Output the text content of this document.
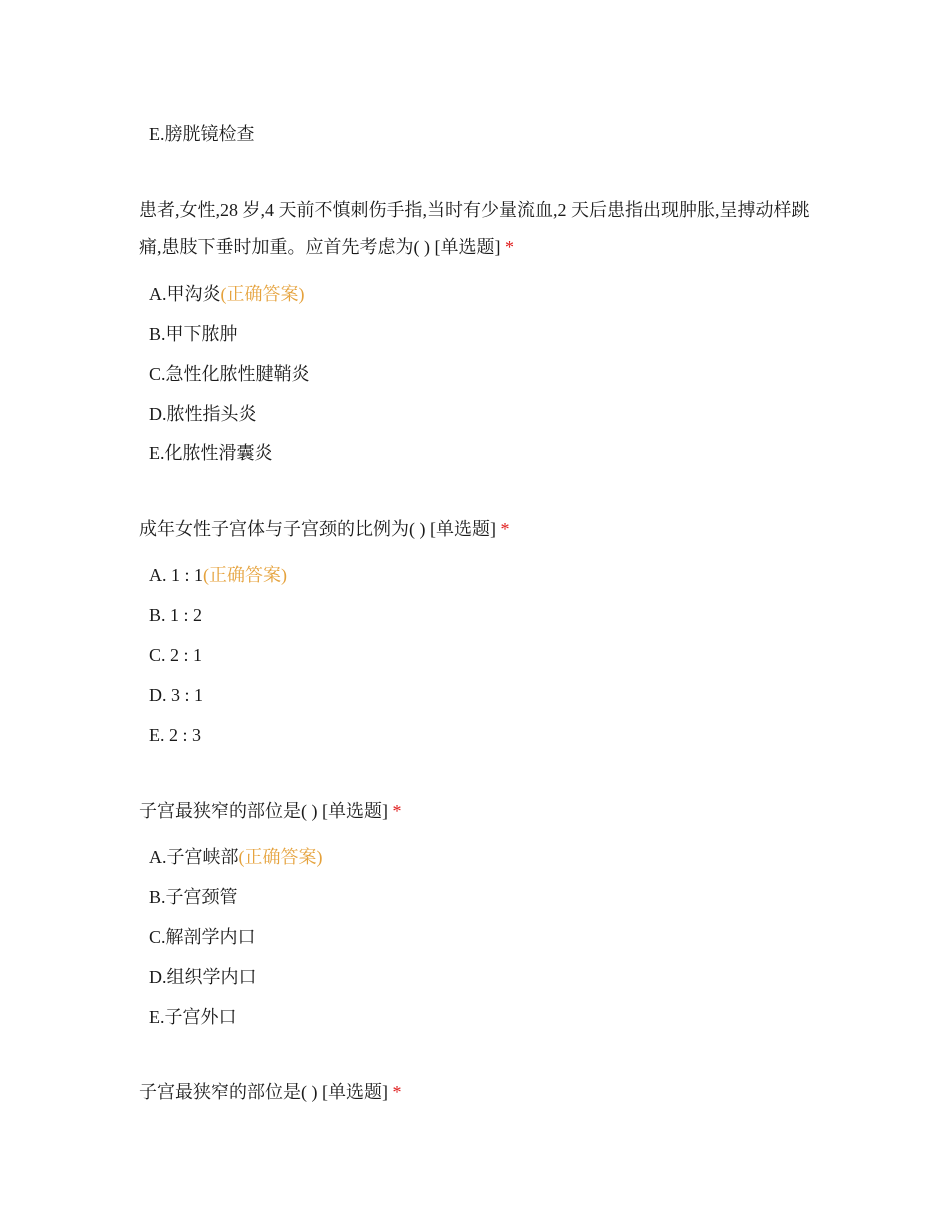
E.膀胱镜检查
患者,女性,28 岁,4 天前不慎刺伤手指,当时有少量流血,2 天后患指出现肿胀,呈搏动样跳痛,患肢下垂时加重。应首先考虑为( ) [单选题] *
A.甲沟炎(正确答案)
B.甲下脓肿
C.急性化脓性腱鞘炎
D.脓性指头炎
E.化脓性滑囊炎
成年女性子宫体与子宫颈的比例为( ) [单选题] *
A. 1 : 1(正确答案)
B. 1 : 2
C. 2 : 1
D. 3 : 1
E. 2 : 3
子宫最狭窄的部位是( ) [单选题] *
A.子宫峡部(正确答案)
B.子宫颈管
C.解剖学内口
D.组织学内口
E.子宫外口
子宫最狭窄的部位是( ) [单选题] *
